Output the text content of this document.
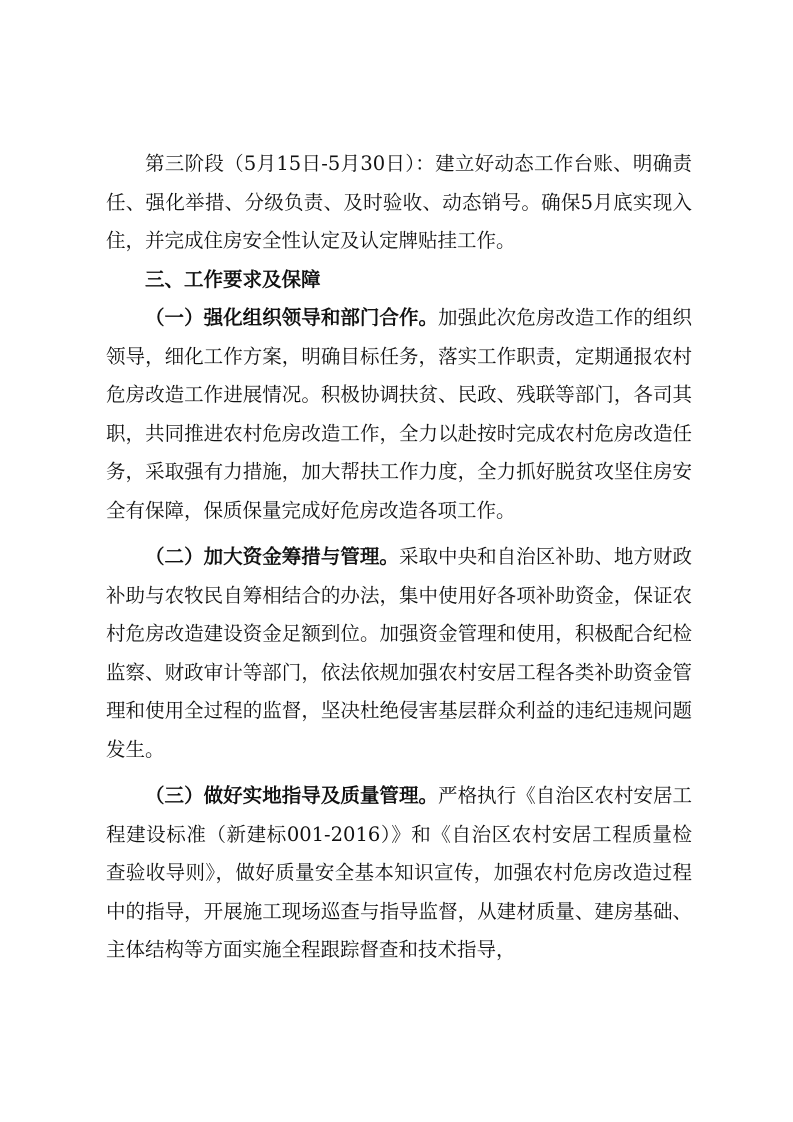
第三阶段（5月15日-5月30日）：建立好动态工作台账、明确责任、强化举措、分级负责、及时验收、动态销号。确保5月底实现入住，并完成住房安全性认定及认定牌贴挂工作。

三、工作要求及保障

（一）强化组织领导和部门合作。加强此次危房改造工作的组织领导，细化工作方案，明确目标任务，落实工作职责，定期通报农村危房改造工作进展情况。积极协调扶贫、民政、残联等部门，各司其职，共同推进农村危房改造工作，全力以赴按时完成农村危房改造任务，采取强有力措施，加大帮扶工作力度，全力抓好脱贫攻坚住房安全有保障，保质保量完成好危房改造各项工作。

（二）加大资金筹措与管理。采取中央和自治区补助、地方财政补助与农牧民自筹相结合的办法，集中使用好各项补助资金，保证农村危房改造建设资金足额到位。加强资金管理和使用，积极配合纪检监察、财政审计等部门，依法依规加强农村安居工程各类补助资金管理和使用全过程的监督，坚决杜绝侵害基层群众利益的违纪违规问题发生。

（三）做好实地指导及质量管理。严格执行《自治区农村安居工程建设标准（新建标001-2016）》和《自治区农村安居工程质量检查验收导则》，做好质量安全基本知识宣传，加强农村危房改造过程中的指导，开展施工现场巡查与指导监督，从建材质量、建房基础、主体结构等方面实施全程跟踪督查和技术指导，
